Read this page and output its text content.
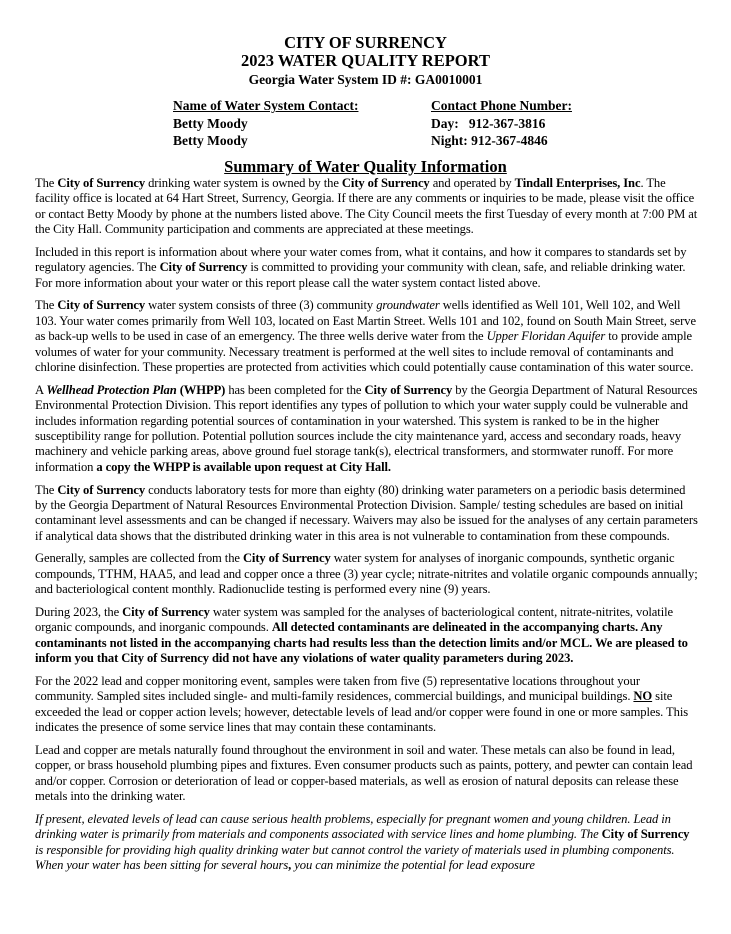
CITY OF SURRENCY
2023 WATER QUALITY REPORT
Georgia Water System ID #: GA0010001
Name of Water System Contact:
Betty Moody
Betty Moody
Contact Phone Number:
Day:   912-367-3816
Night: 912-367-4846
Summary of Water Quality Information

The City of Surrency drinking water system is owned by the City of Surrency and operated by Tindall Enterprises, Inc. The facility office is located at 64 Hart Street, Surrency, Georgia. If there are any comments or inquiries to be made, please visit the office or contact Betty Moody by phone at the numbers listed above. The City Council meets the first Tuesday of every month at 7:00 PM at the City Hall. Community participation and comments are appreciated at these meetings.

Included in this report is information about where your water comes from, what it contains, and how it compares to standards set by regulatory agencies. The City of Surrency is committed to providing your community with clean, safe, and reliable drinking water. For more information about your water or this report please call the water system contact listed above.

The City of Surrency water system consists of three (3) community groundwater wells identified as Well 101, Well 102, and Well 103. Your water comes primarily from Well 103, located on East Martin Street. Wells 101 and 102, found on South Main Street, serve as back-up wells to be used in case of an emergency. The three wells derive water from the Upper Floridan Aquifer to provide ample volumes of water for your community. Necessary treatment is performed at the well sites to include removal of contaminants and chlorine disinfection. These properties are protected from activities which could potentially cause contamination of this water source.

A Wellhead Protection Plan (WHPP) has been completed for the City of Surrency by the Georgia Department of Natural Resources Environmental Protection Division. This report identifies any types of pollution to which your water supply could be vulnerable and includes information regarding potential sources of contamination in your watershed. This system is ranked to be in the higher susceptibility range for pollution. Potential pollution sources include the city maintenance yard, access and secondary roads, heavy machinery and vehicle parking areas, above ground fuel storage tank(s), electrical transformers, and stormwater runoff. For more information a copy the WHPP is available upon request at City Hall.

The City of Surrency conducts laboratory tests for more than eighty (80) drinking water parameters on a periodic basis determined by the Georgia Department of Natural Resources Environmental Protection Division. Sample/ testing schedules are based on initial contaminant level assessments and can be changed if necessary. Waivers may also be issued for the analyses of any certain parameters if analytical data shows that the distributed drinking water in this area is not vulnerable to contamination from these compounds.

Generally, samples are collected from the City of Surrency water system for analyses of inorganic compounds, synthetic organic compounds, TTHM, HAA5, and lead and copper once a three (3) year cycle; nitrate-nitrites and volatile organic compounds annually; and bacteriological content monthly. Radionuclide testing is performed every nine (9) years.

During 2023, the City of Surrency water system was sampled for the analyses of bacteriological content, nitrate-nitrites, volatile organic compounds, and inorganic compounds. All detected contaminants are delineated in the accompanying charts. Any contaminants not listed in the accompanying charts had results less than the detection limits and/or MCL. We are pleased to inform you that City of Surrency did not have any violations of water quality parameters during 2023.

For the 2022 lead and copper monitoring event, samples were taken from five (5) representative locations throughout your community. Sampled sites included single- and multi-family residences, commercial buildings, and municipal buildings. NO site exceeded the lead or copper action levels; however, detectable levels of lead and/or copper were found in one or more samples. This indicates the presence of some service lines that may contain these contaminants.

Lead and copper are metals naturally found throughout the environment in soil and water. These metals can also be found in lead, copper, or brass household plumbing pipes and fixtures. Even consumer products such as paints, pottery, and pewter can contain lead and/or copper. Corrosion or deterioration of lead or copper-based materials, as well as erosion of natural deposits can release these metals into the drinking water.

If present, elevated levels of lead can cause serious health problems, especially for pregnant women and young children. Lead in drinking water is primarily from materials and components associated with service lines and home plumbing. The City of Surrency is responsible for providing high quality drinking water but cannot control the variety of materials used in plumbing components. When your water has been sitting for several hours, you can minimize the potential for lead exposure
